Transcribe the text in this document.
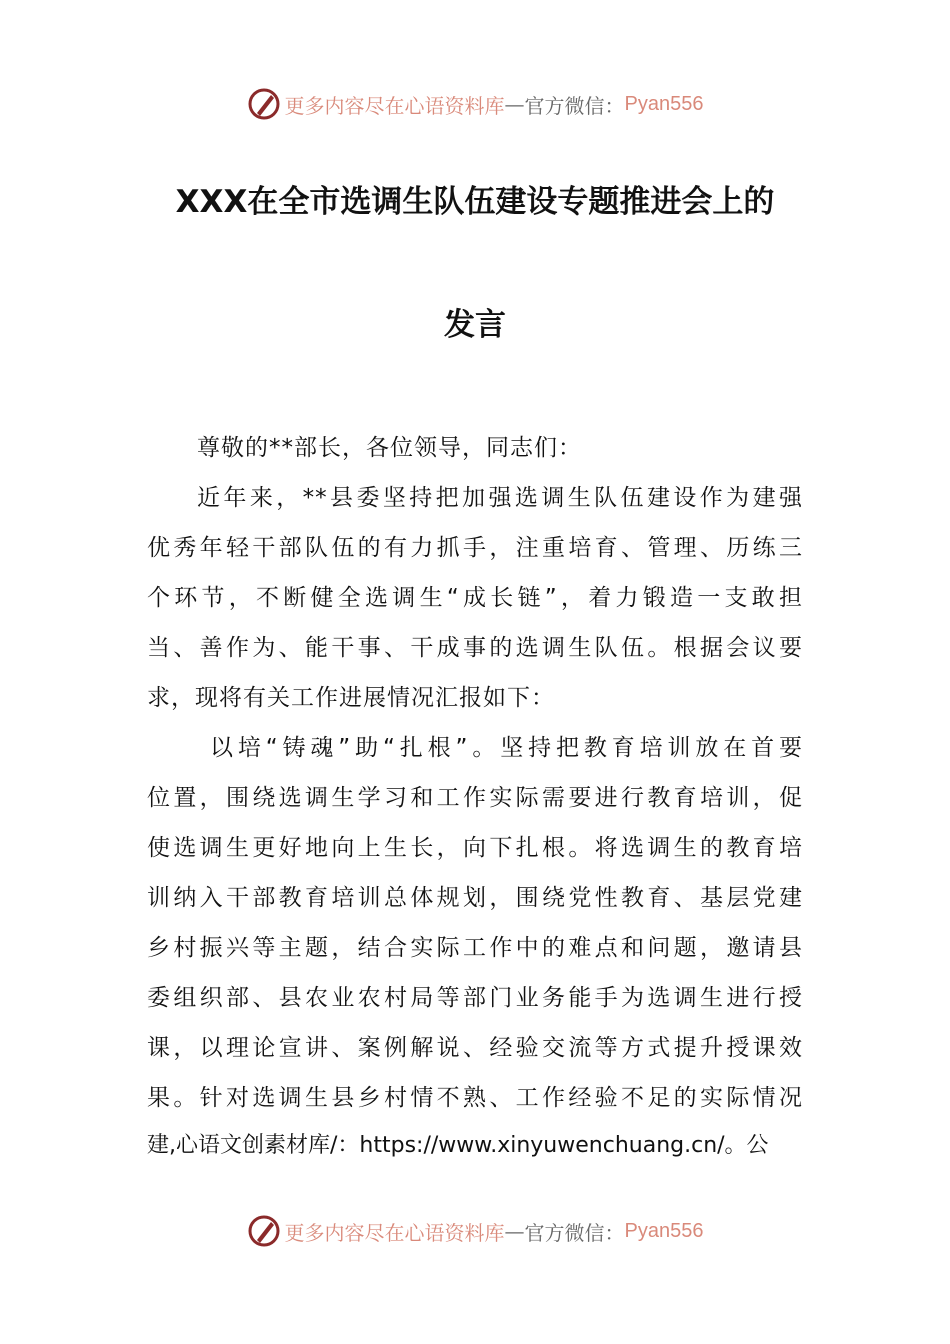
更多内容尽在心语资料库 — 官方微信： Pyan556
XXX在全市选调生队伍建设专题推进会上的
发言
尊敬的**部长，各位领导，同志们：
近年来，**县委坚持把加强选调生队伍建设作为建强
优秀年轻干部队伍的有力抓手，注重培育、管理、历练三
个环节，不断健全选调生“成长链”，着力锻造一支敢担
当、善作为、能干事、干成事的选调生队伍。根据会议要
求，现将有关工作进展情况汇报如下：
以培“铸魂”助“扎根”。坚持把教育培训放在首要
位置，围绕选调生学习和工作实际需要进行教育培训，促
使选调生更好地向上生长，向下扎根。将选调生的教育培
训纳入干部教育培训总体规划，围绕党性教育、基层党建
乡村振兴等主题，结合实际工作中的难点和问题，邀请县
委组织部、县农业农村局等部门业务能手为选调生进行授
课，以理论宣讲、案例解说、经验交流等方式提升授课效
果。针对选调生县乡村情不熟、工作经验不足的实际情况
建,心语文创素材库/：https://www.xinyuwenchuang.cn/。公
更多内容尽在心语资料库 — 官方微信： Pyan556
